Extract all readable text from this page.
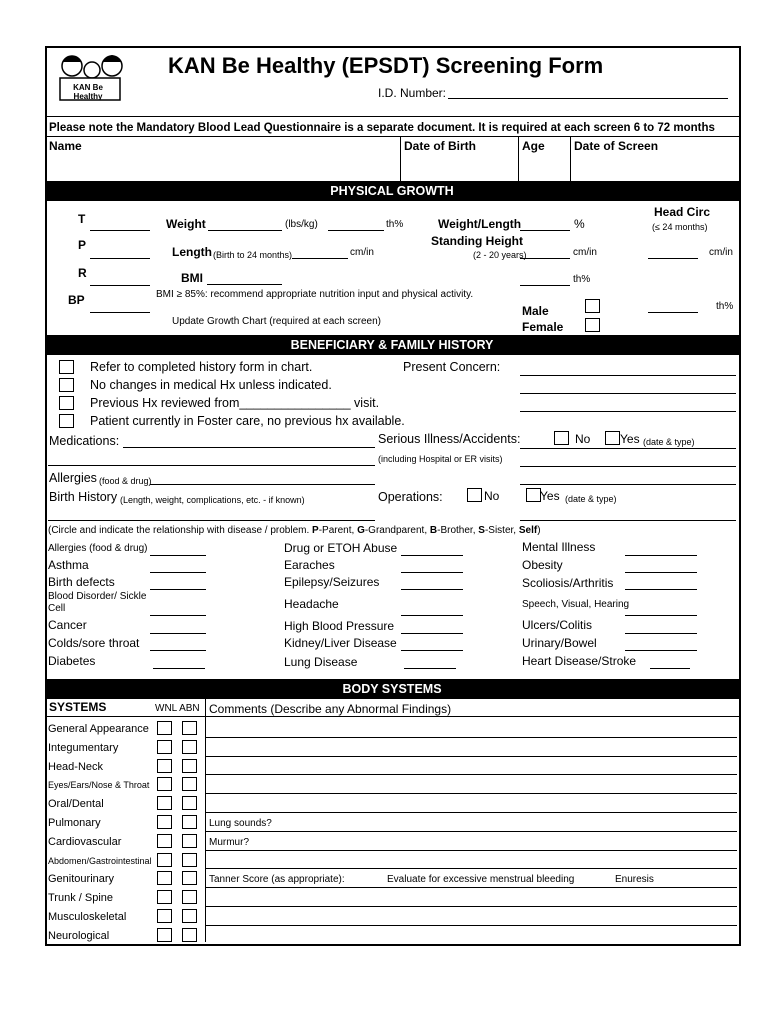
KAN Be Healthy
KAN Be Healthy (EPSDT) Screening Form
I.D. Number:
Please note the Mandatory Blood Lead Questionnaire is a separate document. It is required at each screen 6 to 72 months
Name	Date of Birth	Age Date of Screen
PHYSICAL GROWTH
T
P
R
BP
Weight	(lbs/kg)	th%
Length (Birth to 24 months)	cm/in
BMI
BMI ≥ 85%: recommend appropriate nutrition input and physical activity.
Update Growth Chart (required at each screen)
Weight/Length	%
Standing Height
(2 - 20 years)	cm/in
th%
Male
Female
Head Circ
(≤ 24 months)
cm/in
th%
BENEFICIARY & FAMILY HISTORY
Refer to completed history form in chart.
No changes in medical Hx unless indicated.
Previous Hx reviewed from________________ visit.
Patient currently in Foster care, no previous hx available.
Present Concern:
Medications:	Serious Illness/Accidents:	No Yes (date & type)
(including Hospital or ER visits)
Allergies (food & drug)
Birth History (Length, weight, complications, etc. - if known)	Operations:	No	Yes (date & type)
(Circle and indicate the relationship with disease / problem. P-Parent, G-Grandparent, B-Brother, S-Sister, Self)
Allergies (food & drug)
Asthma
Birth defects
Blood Disorder/ Sickle Cell
Cancer
Colds/sore throat
Diabetes
Drug or ETOH Abuse
Earaches
Epilepsy/Seizures
Headache
High Blood Pressure
Kidney/Liver Disease
Lung Disease
Mental Illness
Obesity
Scoliosis/Arthritis
Speech, Visual, Hearing
Ulcers/Colitis
Urinary/Bowel
Heart Disease/Stroke
BODY SYSTEMS
SYSTEMS	WNL ABN Comments (Describe any Abnormal Findings)
General Appearance
Integumentary
Head-Neck
Eyes/Ears/Nose & Throat
Oral/Dental
Pulmonary	Lung sounds?
Cardiovascular	Murmur?
Abdomen/Gastrointestinal
Genitourinary	Tanner Score (as appropriate):	Evaluate for excessive menstrual bleeding	Enuresis
Trunk / Spine
Musculoskeletal
Neurological
